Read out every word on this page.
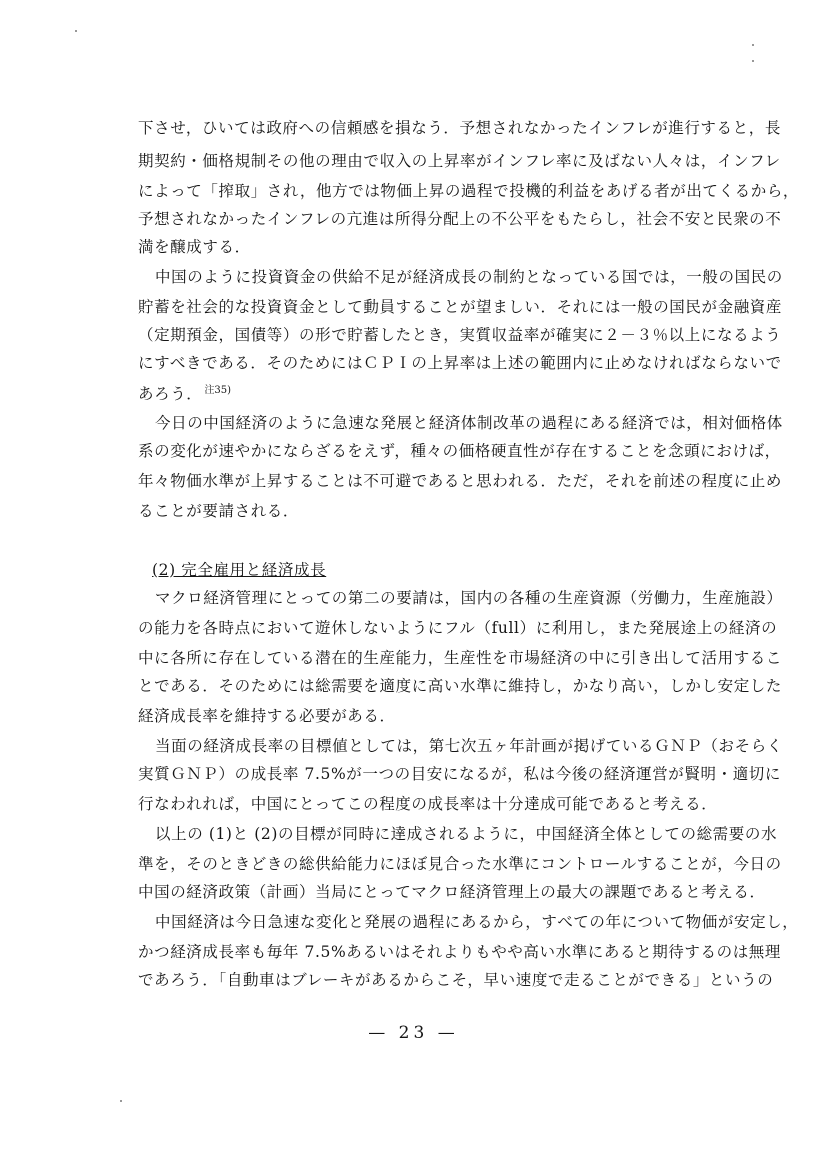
下させ，ひいては政府への信頼感を損なう．予想されなかったインフレが進行すると，長
期契約・価格規制その他の理由で収入の上昇率がインフレ率に及ばない人々は，インフレ
によって「搾取」され，他方では物価上昇の過程で投機的利益をあげる者が出てくるから，
予想されなかったインフレの亢進は所得分配上の不公平をもたらし，社会不安と民衆の不
満を醸成する．
中国のように投資資金の供給不足が経済成長の制約となっている国では，一般の国民の
貯蓄を社会的な投資資金として動員することが望ましい．それには一般の国民が金融資産
（定期預金，国債等）の形で貯蓄したとき，実質収益率が確実に２－３％以上になるよう
にすべきである．そのためにはＣＰＩの上昇率は上述の範囲内に止めなければならないで
あろう． $^{注35)}$
今日の中国経済のように急速な発展と経済体制改革の過程にある経済では，相対価格体
系の変化が速やかにならざるをえず，種々の価格硬直性が存在することを念頭におけば，
年々物価水準が上昇することは不可避であると思われる．ただ，それを前述の程度に止め
ることが要請される．
(2) 完全雇用と経済成長
マクロ経済管理にとっての第二の要請は，国内の各種の生産資源（労働力，生産施設）
の能力を各時点において遊休しないようにフル（full）に利用し，また発展途上の経済の
中に各所に存在している潜在的生産能力，生産性を市場経済の中に引き出して活用するこ
とである．そのためには総需要を適度に高い水準に維持し，かなり高い，しかし安定した
経済成長率を維持する必要がある．
当面の経済成長率の目標値としては，第七次五ヶ年計画が掲げているＧＮＰ（おそらく
実質ＧＮＰ）の成長率 7.5%が一つの目安になるが，私は今後の経済運営が賢明・適切に
行なわれれば，中国にとってこの程度の成長率は十分達成可能であると考える．
以上の (1)と (2)の目標が同時に達成されるように，中国経済全体としての総需要の水
準を，そのときどきの総供給能力にほぼ見合った水準にコントロールすることが，今日の
中国の経済政策（計画）当局にとってマクロ経済管理上の最大の課題であると考える．
中国経済は今日急速な変化と発展の過程にあるから，すべての年について物価が安定し，
かつ経済成長率も毎年 7.5%あるいはそれよりもやや高い水準にあると期待するのは無理
であろう．「自動車はブレーキがあるからこそ，早い速度で走ることができる」というの
— 23 —
